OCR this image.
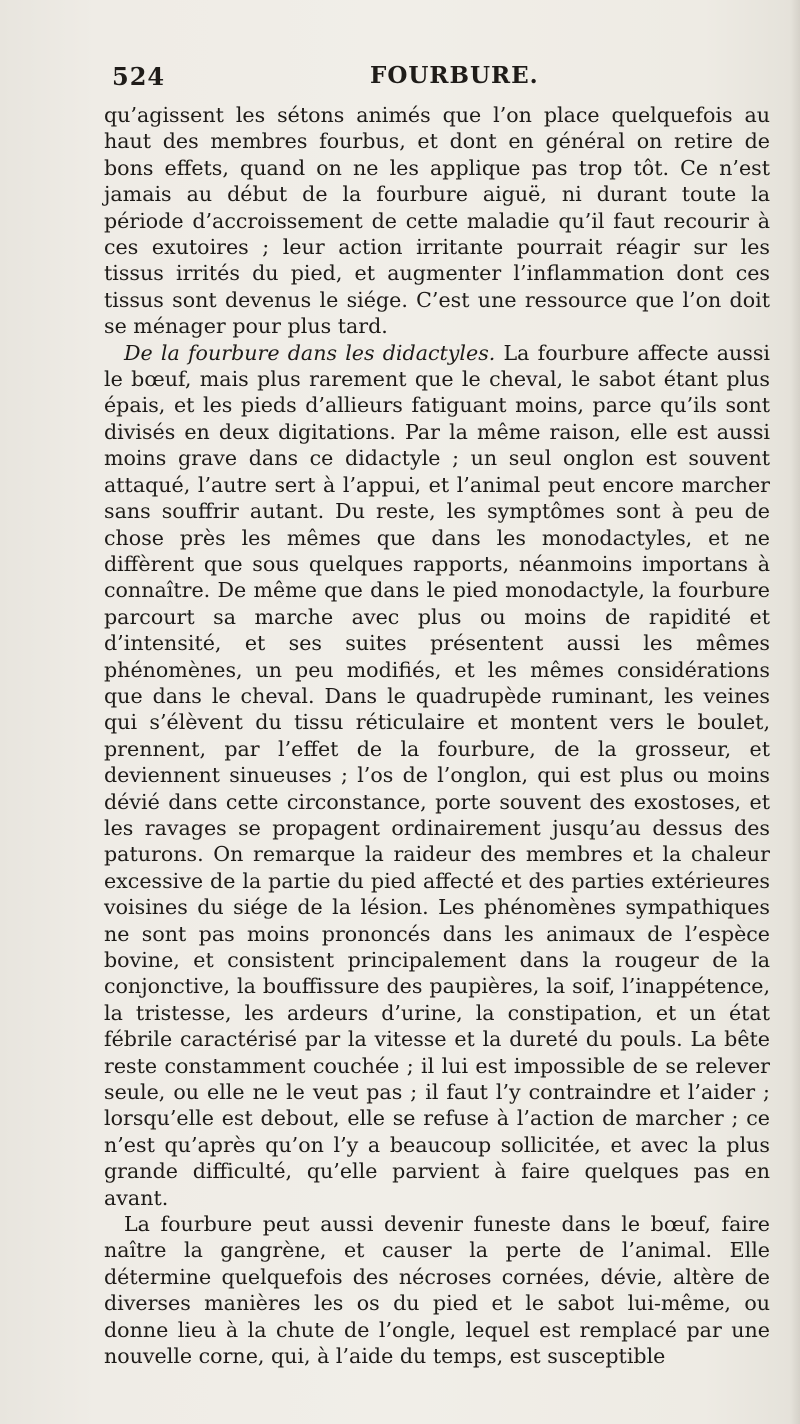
524	FOURBURE.

qu’agissent les sétons animés que l’on place quelquefois au haut des membres fourbus, et dont en général on retire de bons effets, quand on ne les applique pas trop tôt. Ce n’est jamais au début de la fourbure aiguë, ni durant toute la période d’accroissement de cette maladie qu’il faut recourir à ces exutoires ; leur action irritante pourrait réagir sur les tissus irrités du pied, et augmenter l’inflammation dont ces tissus sont devenus le siége. C’est une ressource que l’on doit se ménager pour plus tard.

De la fourbure dans les didactyles. La fourbure affecte aussi le bœuf, mais plus rarement que le cheval, le sabot étant plus épais, et les pieds d’allieurs fatiguant moins, parce qu’ils sont divisés en deux digitations. Par la même raison, elle est aussi moins grave dans ce didactyle ; un seul onglon est souvent attaqué, l’autre sert à l’appui, et l’animal peut encore marcher sans souffrir autant. Du reste, les symptômes sont à peu de chose près les mêmes que dans les monodactyles, et ne diffèrent que sous quelques rapports, néanmoins importans à connaître. De même que dans le pied monodactyle, la fourbure parcourt sa marche avec plus ou moins de rapidité et d’intensité, et ses suites présentent aussi les mêmes phénomènes, un peu modifiés, et les mêmes considérations que dans le cheval. Dans le quadrupède ruminant, les veines qui s’élèvent du tissu réticulaire et montent vers le boulet, prennent, par l’effet de la fourbure, de la grosseur, et deviennent sinueuses ; l’os de l’onglon, qui est plus ou moins dévié dans cette circonstance, porte souvent des exostoses, et les ravages se propagent ordinairement jusqu’au dessus des paturons. On remarque la raideur des membres et la chaleur excessive de la partie du pied affecté et des parties extérieures voisines du siége de la lésion. Les phénomènes sympathiques ne sont pas moins prononcés dans les animaux de l’espèce bovine, et consistent principalement dans la rougeur de la conjonctive, la bouffissure des paupières, la soif, l’inappétence, la tristesse, les ardeurs d’urine, la constipation, et un état fébrile caractérisé par la vitesse et la dureté du pouls. La bête reste constamment couchée ; il lui est impossible de se relever seule, ou elle ne le veut pas ; il faut l’y contraindre et l’aider ; lorsqu’elle est debout, elle se refuse à l’action de marcher ; ce n’est qu’après qu’on l’y a beaucoup sollicitée, et avec la plus grande difficulté, qu’elle parvient à faire quelques pas en avant.

La fourbure peut aussi devenir funeste dans le bœuf, faire naître la gangrène, et causer la perte de l’animal. Elle détermine quelquefois des nécroses cornées, dévie, altère de diverses manières les os du pied et le sabot lui-même, ou donne lieu à la chute de l’ongle, lequel est remplacé par une nouvelle corne, qui, à l’aide du temps, est susceptible
